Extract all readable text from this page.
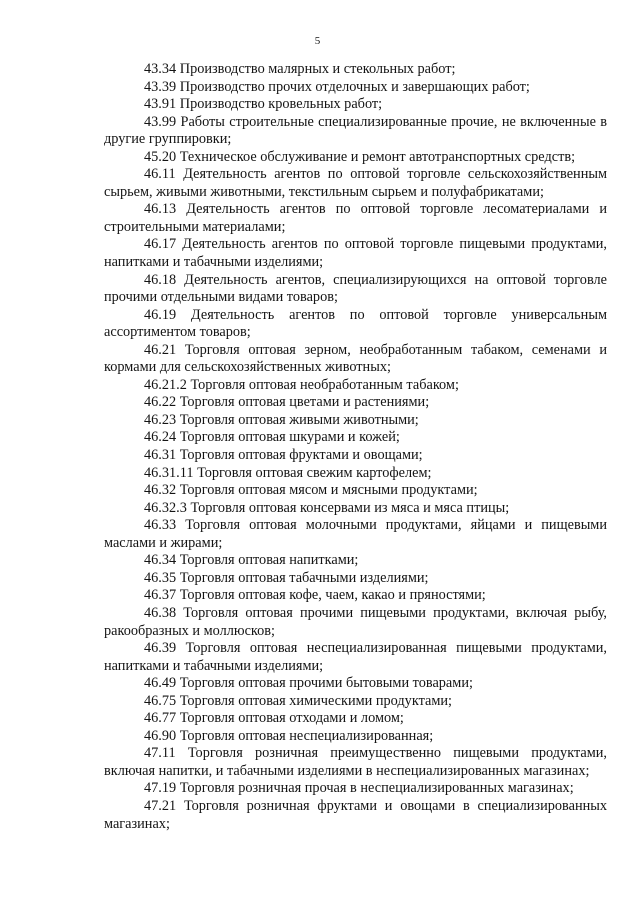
5

43.34 Производство малярных и стекольных работ;

43.39 Производство прочих отделочных и завершающих работ;

43.91 Производство кровельных работ;

43.99 Работы строительные специализированные прочие, не включенные в другие группировки;

45.20 Техническое обслуживание и ремонт автотранспортных средств;

46.11 Деятельность агентов по оптовой торговле сельскохозяйственным сырьем, живыми животными, текстильным сырьем и полуфабрикатами;

46.13 Деятельность агентов по оптовой торговле лесоматериалами и строительными материалами;

46.17 Деятельность агентов по оптовой торговле пищевыми продуктами, напитками и табачными изделиями;

46.18 Деятельность агентов, специализирующихся на оптовой торговле прочими отдельными видами товаров;

46.19 Деятельность агентов по оптовой торговле универсальным ассортиментом товаров;

46.21 Торговля оптовая зерном, необработанным табаком, семенами и кормами для сельскохозяйственных животных;

46.21.2 Торговля оптовая необработанным табаком;

46.22 Торговля оптовая цветами и растениями;

46.23 Торговля оптовая живыми животными;

46.24 Торговля оптовая шкурами и кожей;

46.31 Торговля оптовая фруктами и овощами;

46.31.11 Торговля оптовая свежим картофелем;

46.32 Торговля оптовая мясом и мясными продуктами;

46.32.3 Торговля оптовая консервами из мяса и мяса птицы;

46.33 Торговля оптовая молочными продуктами, яйцами и пищевыми маслами и жирами;

46.34 Торговля оптовая напитками;

46.35 Торговля оптовая табачными изделиями;

46.37 Торговля оптовая кофе, чаем, какао и пряностями;

46.38 Торговля оптовая прочими пищевыми продуктами, включая рыбу, ракообразных и моллюсков;

46.39 Торговля оптовая неспециализированная пищевыми продуктами, напитками и табачными изделиями;

46.49 Торговля оптовая прочими бытовыми товарами;

46.75 Торговля оптовая химическими продуктами;

46.77 Торговля оптовая отходами и ломом;

46.90 Торговля оптовая неспециализированная;

47.11 Торговля розничная преимущественно пищевыми продуктами, включая напитки, и табачными изделиями в неспециализированных магазинах;

47.19 Торговля розничная прочая в неспециализированных магазинах;

47.21 Торговля розничная фруктами и овощами в специализированных магазинах;
